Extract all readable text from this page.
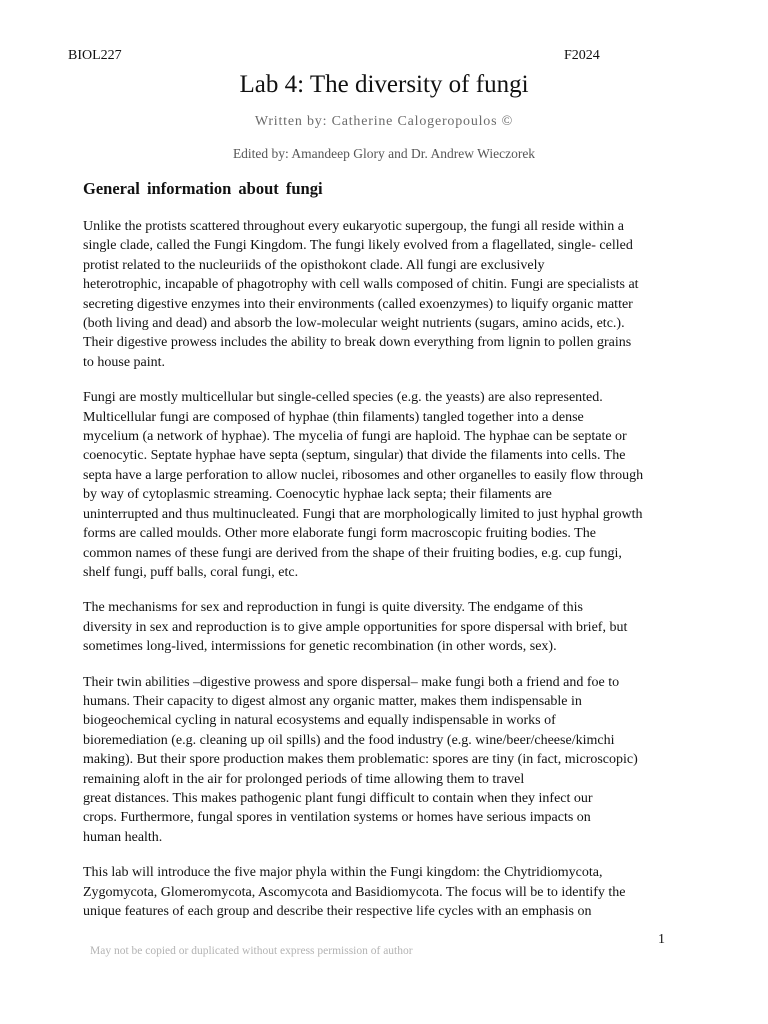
BIOL227	F2024
Lab 4: The diversity of fungi
Written by: Catherine Calogeropoulos ©
Edited by: Amandeep Glory and Dr. Andrew Wieczorek
General information about fungi

Unlike the protists scattered throughout every eukaryotic supergoup, the fungi all reside within a
single clade, called the Fungi Kingdom. The fungi likely evolved from a flagellated, single- celled
protist related to the nucleuriids of the opisthokont clade. All fungi are exclusively
heterotrophic, incapable of phagotrophy with cell walls composed of chitin. Fungi are specialists at
secreting digestive enzymes into their environments (called exoenzymes) to liquify organic matter
(both living and dead) and absorb the low-molecular weight nutrients (sugars, amino acids, etc.).
Their digestive prowess includes the ability to break down everything from lignin to pollen grains
to house paint.

Fungi are mostly multicellular but single-celled species (e.g. the yeasts) are also represented.
Multicellular fungi are composed of hyphae (thin filaments) tangled together into a dense
mycelium (a network of hyphae). The mycelia of fungi are haploid. The hyphae can be septate or
coenocytic. Septate hyphae have septa (septum, singular) that divide the filaments into cells. The
septa have a large perforation to allow nuclei, ribosomes and other organelles to easily flow through
by way of cytoplasmic streaming. Coenocytic hyphae lack septa; their filaments are
uninterrupted and thus multinucleated. Fungi that are morphologically limited to just hyphal growth
forms are called moulds. Other more elaborate fungi form macroscopic fruiting bodies. The
common names of these fungi are derived from the shape of their fruiting bodies, e.g. cup fungi,
shelf fungi, puff balls, coral fungi, etc.

The mechanisms for sex and reproduction in fungi is quite diversity. The endgame of this
diversity in sex and reproduction is to give ample opportunities for spore dispersal with brief, but
sometimes long-lived, intermissions for genetic recombination (in other words, sex).

Their twin abilities –digestive prowess and spore dispersal– make fungi both a friend and foe to
humans. Their capacity to digest almost any organic matter, makes them indispensable in
biogeochemical cycling in natural ecosystems and equally indispensable in works of
bioremediation (e.g. cleaning up oil spills) and the food industry (e.g. wine/beer/cheese/kimchi
making). But their spore production makes them problematic: spores are tiny (in fact, microscopic)
remaining aloft in the air for prolonged periods of time allowing them to travel
great distances. This makes pathogenic plant fungi difficult to contain when they infect our
crops. Furthermore, fungal spores in ventilation systems or homes have serious impacts on
human health.

This lab will introduce the five major phyla within the Fungi kingdom: the Chytridiomycota,
Zygomycota, Glomeromycota, Ascomycota and Basidiomycota. The focus will be to identify the
unique features of each group and describe their respective life cycles with an emphasis on

1
May not be copied or duplicated without express permission of author
